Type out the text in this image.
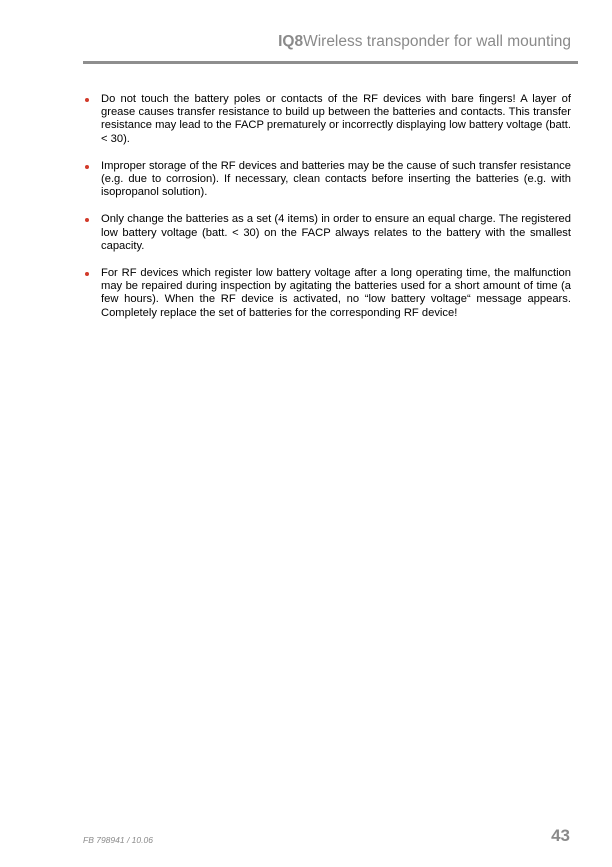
IQ8Wireless transponder for wall mounting
Do not touch the battery poles or contacts of the RF devices with bare fingers! A layer of grease causes transfer resistance to build up between the batteries and contacts. This transfer resistance may lead to the FACP prematurely or incorrectly displaying low battery voltage (batt. < 30).
Improper storage of the RF devices and batteries may be the cause of such transfer resistance (e.g. due to corrosion). If necessary, clean contacts before inserting the batteries (e.g. with isopropanol solution).
Only change the batteries as a set (4 items) in order to ensure an equal charge. The registered low battery voltage (batt. < 30) on the FACP always relates to the battery with the smallest capacity.
For RF devices which register low battery voltage after a long operating time, the malfunction may be repaired during inspection by agitating the batteries used for a short amount of time (a few hours). When the RF device is activated, no “low battery voltage“ message appears. Completely replace the set of batteries for the corresponding RF device!
FB 798941 / 10.06	43
